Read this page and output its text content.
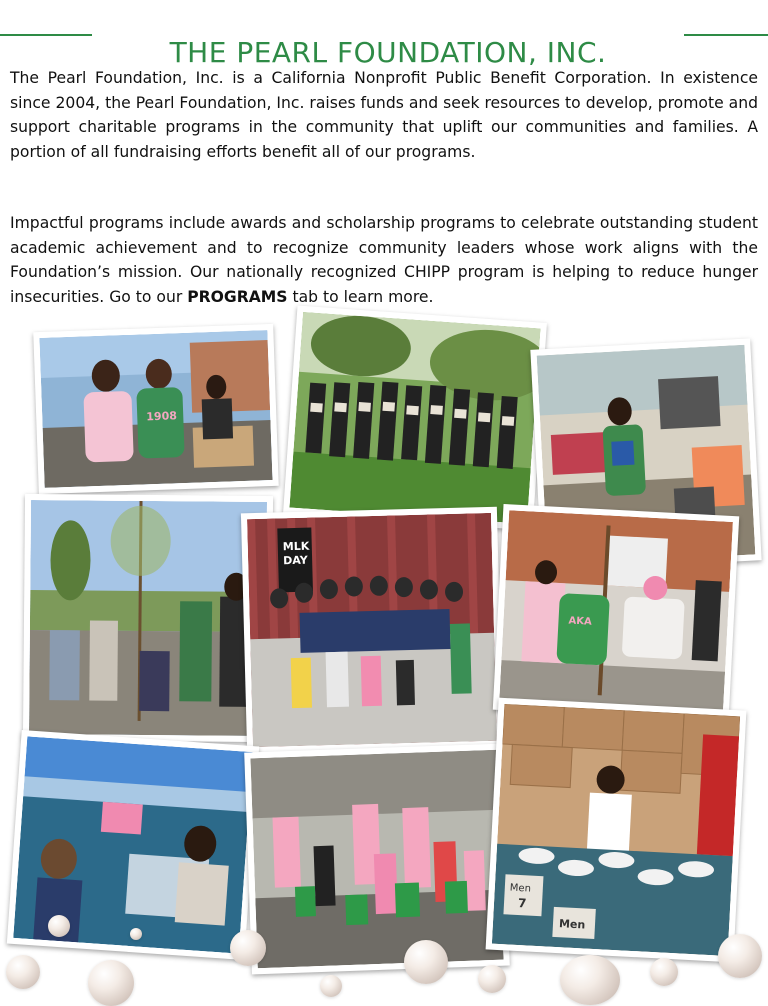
THE PEARL FOUNDATION, INC.

The Pearl Foundation, Inc. is a California Nonprofit Public Benefit Corporation. In existence since 2004, the Pearl Foundation, Inc. raises funds and seek resources to develop, promote and support charitable programs in the community that uplift our communities and families. A portion of all fundraising efforts benefit all of our programs.

Impactful programs include awards and scholarship programs to celebrate outstanding student academic achievement and to recognize community leaders whose work aligns with the Foundation’s mission. Our nationally recognized CHIPP program is helping to reduce hunger insecurities. Go to our PROGRAMS tab to learn more.

1908
MLK
DAY
AKA
Men
7
Men
